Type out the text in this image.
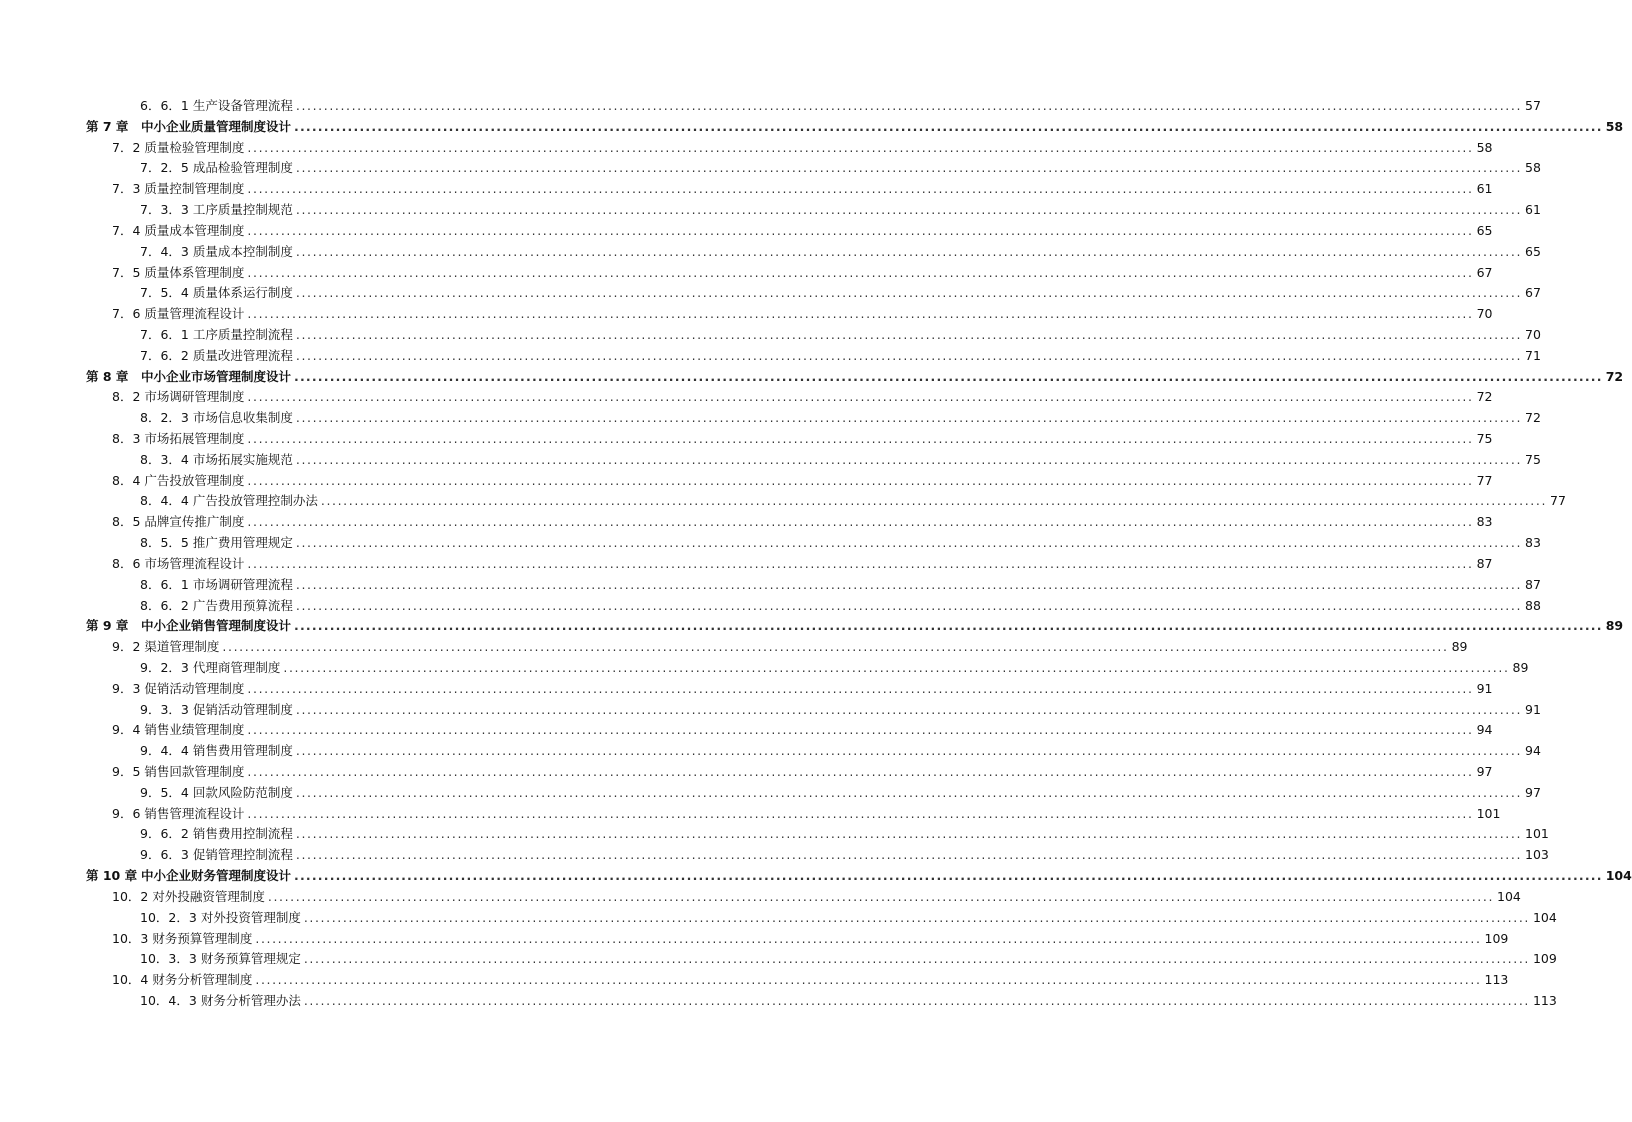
6．6．1 生产设备管理流程 ............................................................................................................................................................................................................................ 57
第 7 章	中小企业质量管理制度设计 ............................................................................................................................................................................................................................ 58
7．2 质量检验管理制度 ............................................................................................................................................................................................................................ 58
7．2．5 成品检验管理制度 ............................................................................................................................................................................................................................ 58
7．3 质量控制管理制度 ............................................................................................................................................................................................................................ 61
7．3．3 工序质量控制规范 ............................................................................................................................................................................................................................ 61
7．4 质量成本管理制度 ............................................................................................................................................................................................................................ 65
7．4．3 质量成本控制制度 ............................................................................................................................................................................................................................ 65
7．5 质量体系管理制度 ............................................................................................................................................................................................................................ 67
7．5．4 质量体系运行制度 ............................................................................................................................................................................................................................ 67
7．6 质量管理流程设计 ............................................................................................................................................................................................................................ 70
7．6．1 工序质量控制流程 ............................................................................................................................................................................................................................ 70
7．6．2 质量改进管理流程 ............................................................................................................................................................................................................................ 71
第 8 章	中小企业市场管理制度设计 ............................................................................................................................................................................................................................ 72
8．2 市场调研管理制度 ............................................................................................................................................................................................................................ 72
8．2．3 市场信息收集制度 ............................................................................................................................................................................................................................ 72
8．3 市场拓展管理制度 ............................................................................................................................................................................................................................ 75
8．3．4 市场拓展实施规范 ............................................................................................................................................................................................................................ 75
8．4 广告投放管理制度 ............................................................................................................................................................................................................................ 77
8．4．4 广告投放管理控制办法 ............................................................................................................................................................................................................................ 77
8．5 品牌宣传推广制度 ............................................................................................................................................................................................................................ 83
8．5．5 推广费用管理规定 ............................................................................................................................................................................................................................ 83
8．6 市场管理流程设计 ............................................................................................................................................................................................................................ 87
8．6．1 市场调研管理流程 ............................................................................................................................................................................................................................ 87
8．6．2 广告费用预算流程 ............................................................................................................................................................................................................................ 88
第 9 章	中小企业销售管理制度设计 ............................................................................................................................................................................................................................ 89
9．2 渠道管理制度 ............................................................................................................................................................................................................................ 89
9．2．3 代理商管理制度 ............................................................................................................................................................................................................................ 89
9．3 促销活动管理制度 ............................................................................................................................................................................................................................ 91
9．3．3 促销活动管理制度 ............................................................................................................................................................................................................................ 91
9．4 销售业绩管理制度 ............................................................................................................................................................................................................................ 94
9．4．4 销售费用管理制度 ............................................................................................................................................................................................................................ 94
9．5 销售回款管理制度 ............................................................................................................................................................................................................................ 97
9．5．4 回款风险防范制度 ............................................................................................................................................................................................................................ 97
9．6 销售管理流程设计 ............................................................................................................................................................................................................................ 101
9．6．2 销售费用控制流程 ............................................................................................................................................................................................................................ 101
9．6．3 促销管理控制流程 ............................................................................................................................................................................................................................ 103
第 10 章 中小企业财务管理制度设计 ............................................................................................................................................................................................................................ 104
10．2 对外投融资管理制度 ............................................................................................................................................................................................................................ 104
10．2．3 对外投资管理制度 ............................................................................................................................................................................................................................ 104
10．3 财务预算管理制度 ............................................................................................................................................................................................................................ 109
10．3．3 财务预算管理规定 ............................................................................................................................................................................................................................ 109
10．4 财务分析管理制度 ............................................................................................................................................................................................................................ 113
10．4．3 财务分析管理办法 ............................................................................................................................................................................................................................ 113
